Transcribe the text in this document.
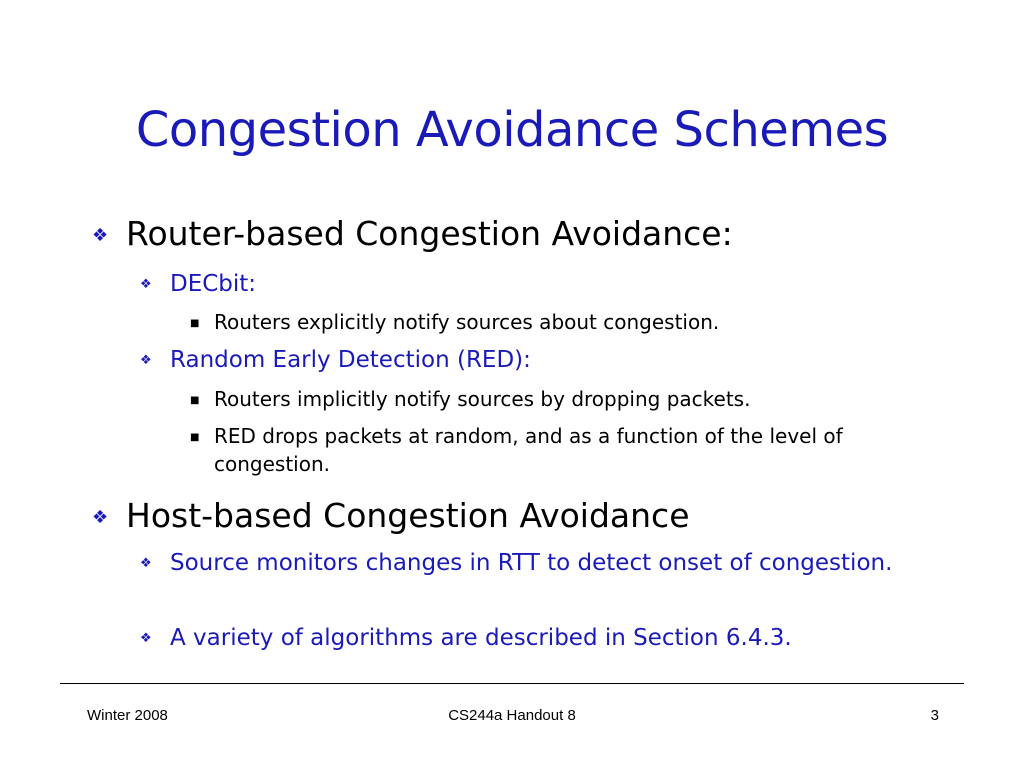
Congestion Avoidance Schemes
❖ Router-based Congestion Avoidance:
❖ DECbit:
■ Routers explicitly notify sources about congestion.
❖ Random Early Detection (RED):
■ Routers implicitly notify sources by dropping packets.
■ RED drops packets at random, and as a function of the level of congestion.
❖ Host-based Congestion Avoidance
❖ Source monitors changes in RTT to detect onset of congestion.
❖ A variety of algorithms are described in Section 6.4.3.
Winter 2008	CS244a Handout 8	3
